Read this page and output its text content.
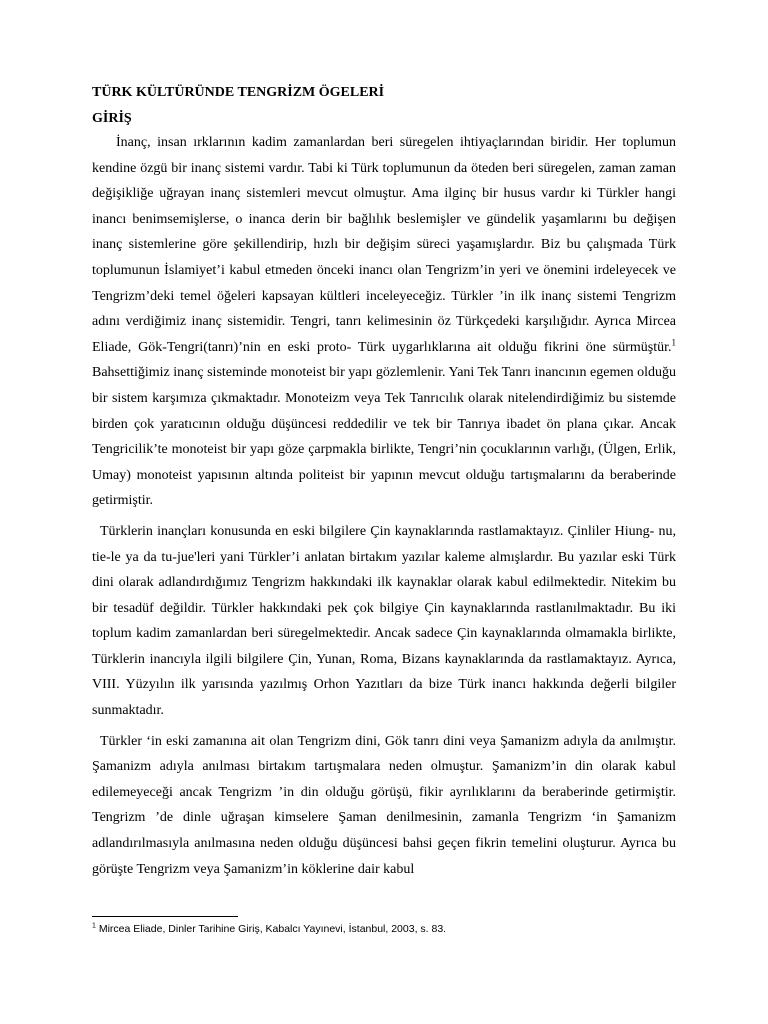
TÜRK KÜLTÜRÜNDE TENGRİZM ÖGELERİ
GİRİŞ

İnanç, insan ırklarının kadim zamanlardan beri süregelen ihtiyaçlarından biridir. Her toplumun kendine özgü bir inanç sistemi vardır. Tabi ki Türk toplumunun da öteden beri süregelen, zaman zaman değişikliğe uğrayan inanç sistemleri mevcut olmuştur. Ama ilginç bir husus vardır ki Türkler hangi inancı benimsemişlerse, o inanca derin bir bağlılık beslemişler ve gündelik yaşamlarını bu değişen inanç sistemlerine göre şekillendirip, hızlı bir değişim süreci yaşamışlardır. Biz bu çalışmada Türk toplumunun İslamiyet’i kabul etmeden önceki inancı olan Tengrizm’in yeri ve önemini irdeleyecek ve Tengrizm’deki temel öğeleri kapsayan kültleri inceleyeceğiz. Türkler ’in ilk inanç sistemi Tengrizm adını verdiğimiz inanç sistemidir. Tengri, tanrı kelimesinin öz Türkçedeki karşılığıdır. Ayrıca Mircea Eliade, Gök-Tengri(tanrı)’nin en eski proto- Türk uygarlıklarına ait olduğu fikrini öne sürmüştür.$^1$ Bahsettiğimiz inanç sisteminde monoteist bir yapı gözlemlenir. Yani Tek Tanrı inancının egemen olduğu bir sistem karşımıza çıkmaktadır. Monoteizm veya Tek Tanrıcılık olarak nitelendirdiğimiz bu sistemde birden çok yaratıcının olduğu düşüncesi reddedilir ve tek bir Tanrıya ibadet ön plana çıkar. Ancak Tengricilik’te monoteist bir yapı göze çarpmakla birlikte, Tengri’nin çocuklarının varlığı, (Ülgen, Erlik, Umay) monoteist yapısının altında politeist bir yapının mevcut olduğu tartışmalarını da beraberinde getirmiştir.

Türklerin inançları konusunda en eski bilgilere Çin kaynaklarında rastlamaktayız. Çinliler Hiung- nu, tie-le ya da tu-jue'leri yani Türkler’i anlatan birtakım yazılar kaleme almışlardır. Bu yazılar eski Türk dini olarak adlandırdığımız Tengrizm hakkındaki ilk kaynaklar olarak kabul edilmektedir. Nitekim bu bir tesadüf değildir. Türkler hakkındaki pek çok bilgiye Çin kaynaklarında rastlanılmaktadır. Bu iki toplum kadim zamanlardan beri süregelmektedir. Ancak sadece Çin kaynaklarında olmamakla birlikte, Türklerin inancıyla ilgili bilgilere Çin, Yunan, Roma, Bizans kaynaklarında da rastlamaktayız. Ayrıca, VIII. Yüzyılın ilk yarısında yazılmış Orhon Yazıtları da bize Türk inancı hakkında değerli bilgiler sunmaktadır.

Türkler ‘in eski zamanına ait olan Tengrizm dini, Gök tanrı dini veya Şamanizm adıyla da anılmıştır. Şamanizm adıyla anılması birtakım tartışmalara neden olmuştur. Şamanizm’in din olarak kabul edilemeyeceği ancak Tengrizm ’in din olduğu görüşü, fikir ayrılıklarını da beraberinde getirmiştir. Tengrizm ’de dinle uğraşan kimselere Şaman denilmesinin, zamanla Tengrizm ‘in Şamanizm adlandırılmasıyla anılmasına neden olduğu düşüncesi bahsi geçen fikrin temelini oluşturur. Ayrıca bu görüşte Tengrizm veya Şamanizm’in köklerine dair kabul

$^1$ Mircea Eliade, Dinler Tarihine Giriş, Kabalcı Yayınevi, İstanbul, 2003, s. 83.
